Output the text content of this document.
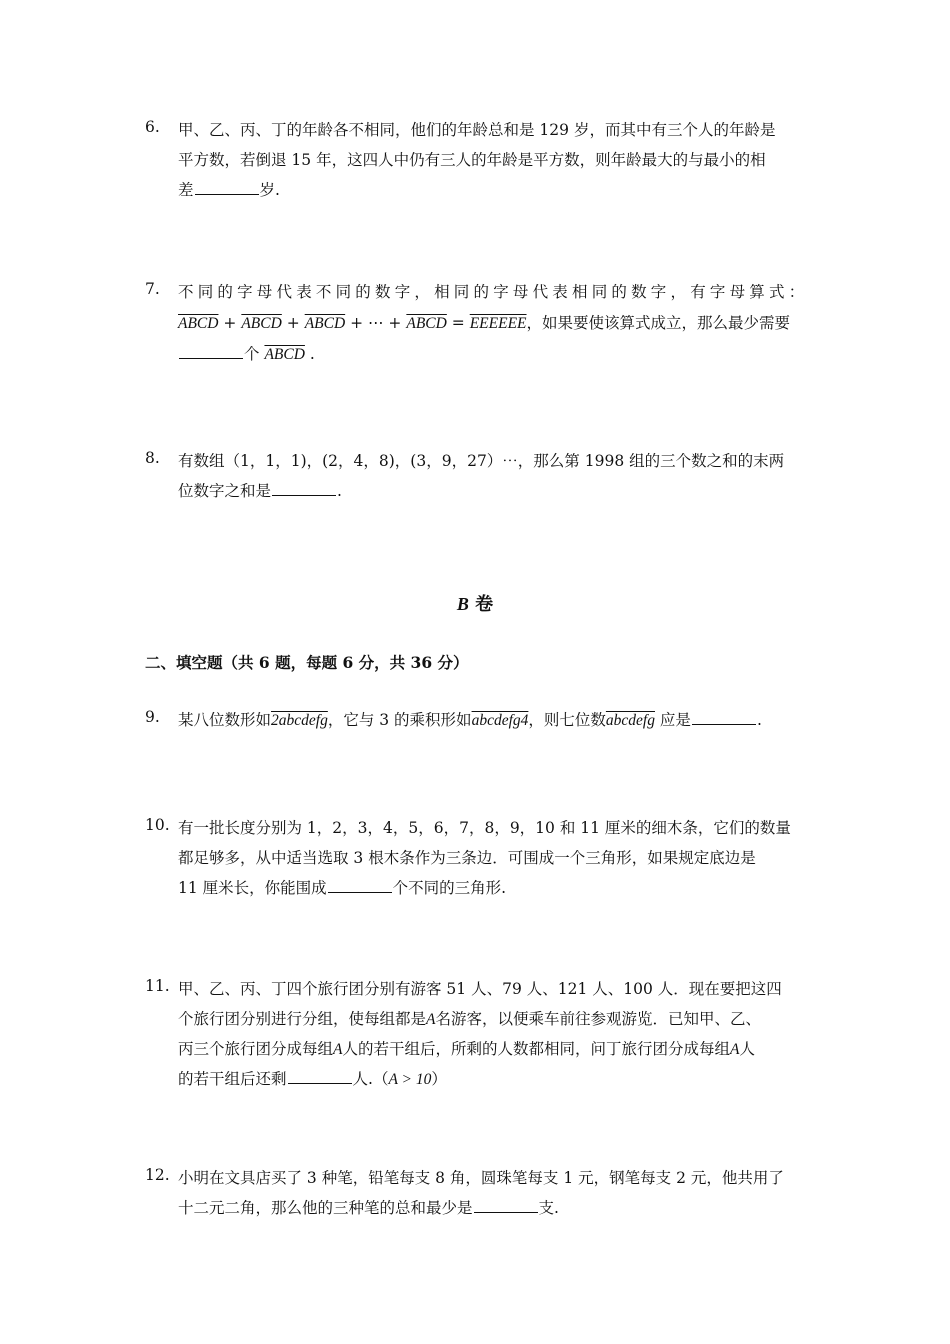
6. 甲、乙、丙、丁的年龄各不相同，他们的年龄总和是 129 岁，而其中有三个人的年龄是
平方数，若倒退 15 年，这四人中仍有三人的年龄是平方数，则年龄最大的与最小的相
差	岁.
7. 不同的字母代表不同的数字，相同的字母代表相同的数字，有字母算式：
ABCD + ABCD + ABCD + ⋯ + ABCD = EEEEEE，如果要使该算式成立，那么最少需要
个 ABCD .
8. 有数组（1，1，1)，(2，4，8)，(3，9，27）⋯，那么第 1998 组的三个数之和的末两
位数字之和是	.
B 卷
二、填空题（共 6 题，每题 6 分，共 36 分）
9. 某八位数形如2abcdefg，它与 3 的乘积形如abcdefg4，则七位数abcdefg 应是	.
10. 有一批长度分别为 1，2，3，4，5，6，7，8，9，10 和 11 厘米的细木条，它们的数量
都足够多，从中适当选取 3 根木条作为三条边．可围成一个三角形，如果规定底边是
11 厘米长，你能围成	个不同的三角形.
11. 甲、乙、丙、丁四个旅行团分别有游客 51 人、79 人、121 人、100 人．现在要把这四
个旅行团分别进行分组，使每组都是A名游客，以便乘车前往参观游览．已知甲、乙、
丙三个旅行团分成每组A人的若干组后，所剩的人数都相同，问丁旅行团分成每组A人
的若干组后还剩	人.（A > 10）
12. 小明在文具店买了 3 种笔，铅笔每支 8 角，圆珠笔每支 1 元，钢笔每支 2 元，他共用了
十二元二角，那么他的三种笔的总和最少是	支.
